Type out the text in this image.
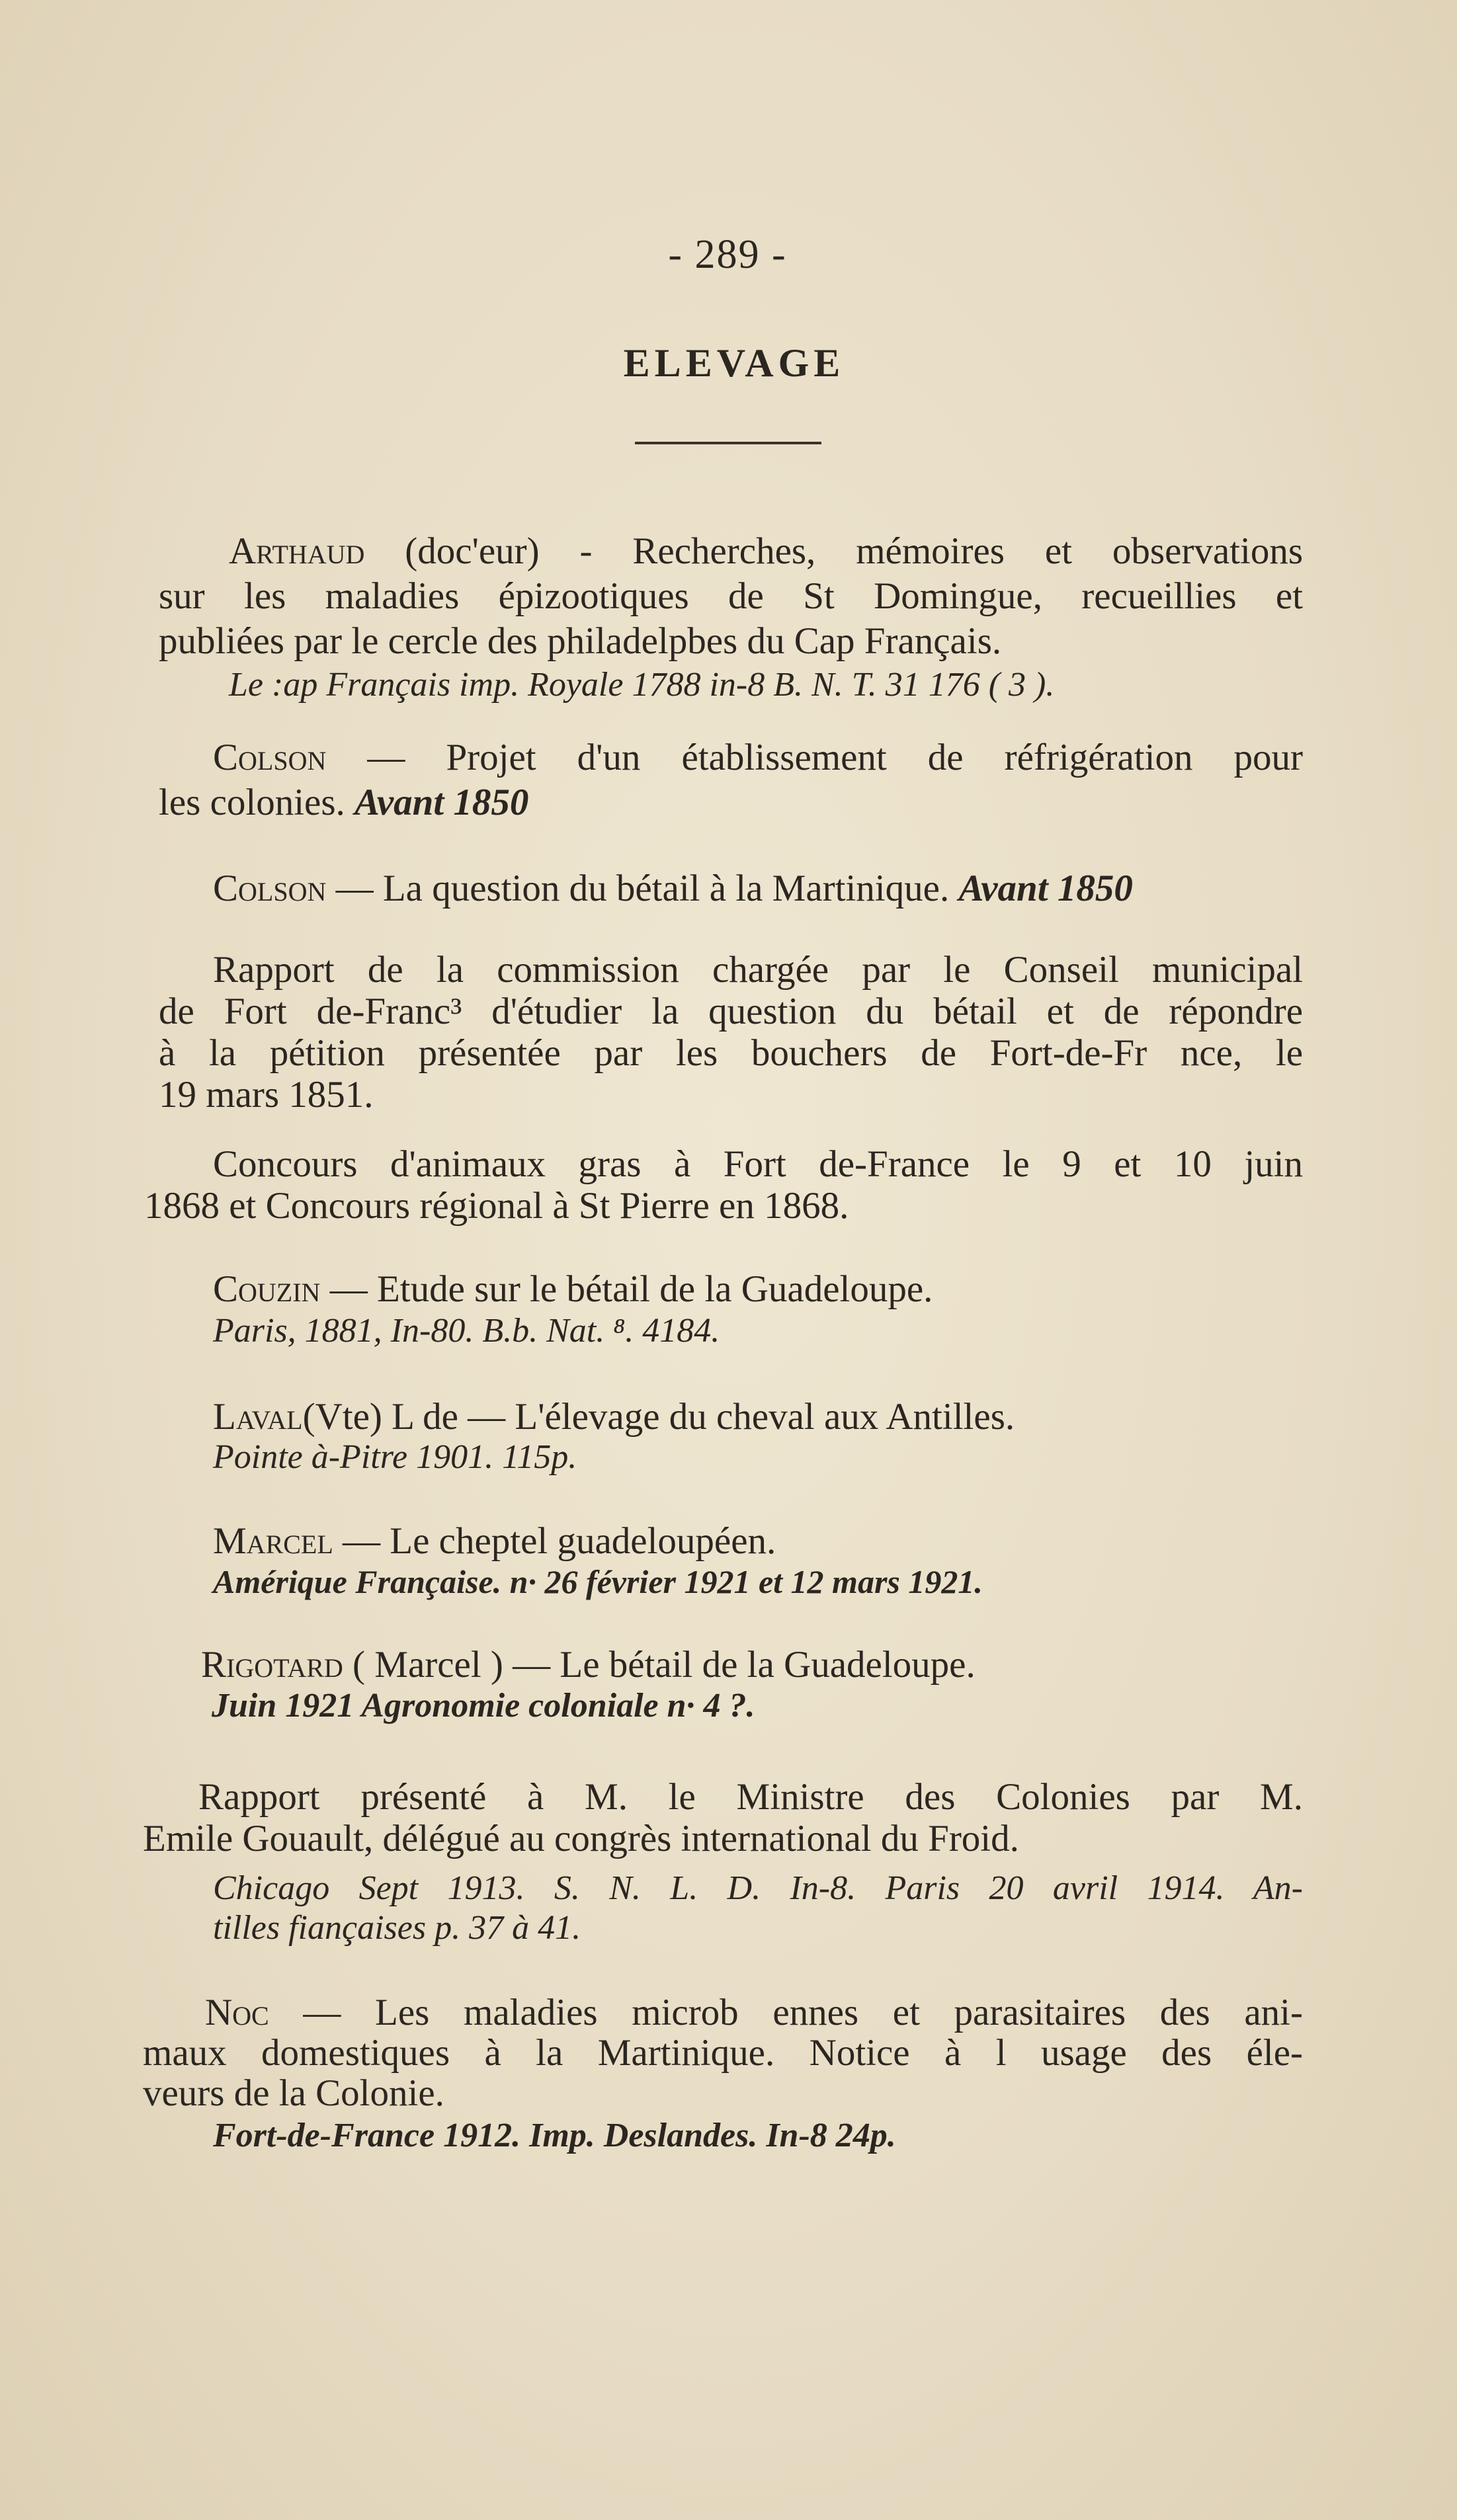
- 289 -
ELEVAGE
Arthaud (doc'eur) - Recherches, mémoires et observations
sur les maladies épizootiques de St Domingue, recueillies et
publiées par le cercle des philadelpbes du Cap Français.
Le :ap Français imp. Royale 1788 in-8 B. N. T. 31 176 ( 3 ).
Colson — Projet d'un établissement de réfrigération pour
les colonies. Avant 1850
Colson — La question du bétail à la Martinique. Avant 1850
Rapport de la commission chargée par le Conseil municipal
de Fort de-Franc³ d'étudier la question du bétail et de répondre
à la pétition présentée par les bouchers de Fort-de-Fr nce, le
19 mars 1851.
Concours d'animaux gras à Fort de-France le 9 et 10 juin
1868 et Concours régional à St Pierre en 1868.
Couzin — Etude sur le bétail de la Guadeloupe.
Paris, 1881, In-80. B.b. Nat. ⁸. 4184.
Laval(Vte) L de — L'élevage du cheval aux Antilles.
Pointe à-Pitre 1901. 115p.
Marcel — Le cheptel guadeloupéen.
Amérique Française. n· 26 février 1921 et 12 mars 1921.
Rigotard ( Marcel ) — Le bétail de la Guadeloupe.
Juin 1921 Agronomie coloniale n· 4 ?.
Rapport présenté à M. le Ministre des Colonies par M.
Emile Gouault, délégué au congrès international du Froid.
Chicago Sept 1913. S. N. L. D. In-8. Paris 20 avril 1914. An-
tilles fiançaises p. 37 à 41.
Noc — Les maladies microb ennes et parasitaires des ani-
maux domestiques à la Martinique. Notice à l usage des éle-
veurs de la Colonie.
Fort-de-France 1912. Imp. Deslandes. In-8 24p.
